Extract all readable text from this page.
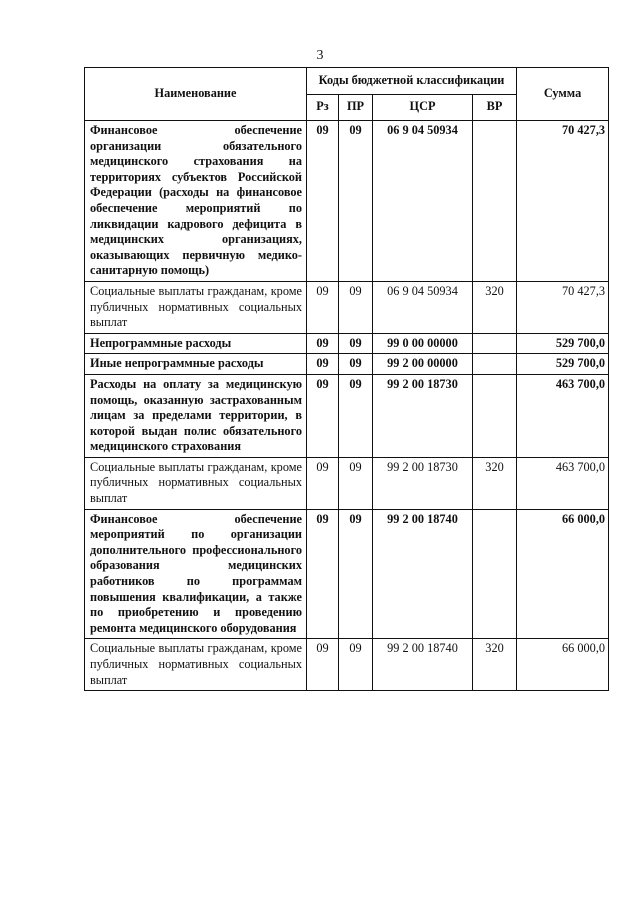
3
Наименование	Коды бюджетной классификации				Сумма
	Рз	ПР	ЦСР	ВР	
Финансовое обеспечение организации обязательного медицинского страхования на территориях субъектов Российской Федерации (расходы на финансовое обеспечение мероприятий по ликвидации кадрового дефицита в медицинских организациях, оказывающих первичную медико-санитарную помощь)	09	09	06 9 04 50934		70 427,3
Социальные выплаты гражданам, кроме публичных нормативных социальных выплат	09	09	06 9 04 50934	320	70 427,3
Непрограммные расходы	09	09	99 0 00 00000		529 700,0
Иные непрограммные расходы	09	09	99 2 00 00000		529 700,0
Расходы на оплату за медицинскую помощь, оказанную застрахованным лицам за пределами территории, в которой выдан полис обязательного медицинского страхования	09	09	99 2 00 18730		463 700,0
Социальные выплаты гражданам, кроме публичных нормативных социальных выплат	09	09	99 2 00 18730	320	463 700,0
Финансовое обеспечение мероприятий по организации дополнительного профессионального образования медицинских работников по программам повышения квалификации, а также по приобретению и проведению ремонта медицинского оборудования	09	09	99 2 00 18740		66 000,0
Социальные выплаты гражданам, кроме публичных нормативных социальных выплат	09	09	99 2 00 18740	320	66 000,0
